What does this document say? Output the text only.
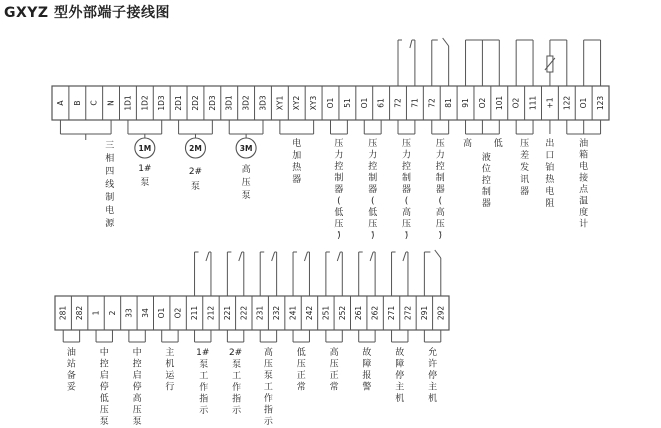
GXYZ 型外部端子接线图
A B C N 1D1 1D2 1D3 2D1 2D2 2D3 3D1 3D2 3D3 XY1 XY2 XY3 O1 51 O1 61 72 71 72 81 91 O2 101 O2 111 +1 122 O1 123
三相四线制电源
1M
1#
泵
2M
2#
泵
3M
高压泵
电加热器
压力控制器(低压)
压力控制器(低压)
压力控制器(高压)
压力控制器(高压)
高 低
液位控制器
压差发讯器
出口铂热电阻
油箱电接点温度计
281 282 1 2 33 34 O1 O2 211 212 221 222 231 232 241 242 251 252 261 262 271 272 291 292
油站备妥
中控启停低压泵
中控启停高压泵
主机运行
1#
泵工作指示
2#
泵工作指示
高压泵工作指示
低压正常
高压正常
故障报警
故障停主机
允许停主机
